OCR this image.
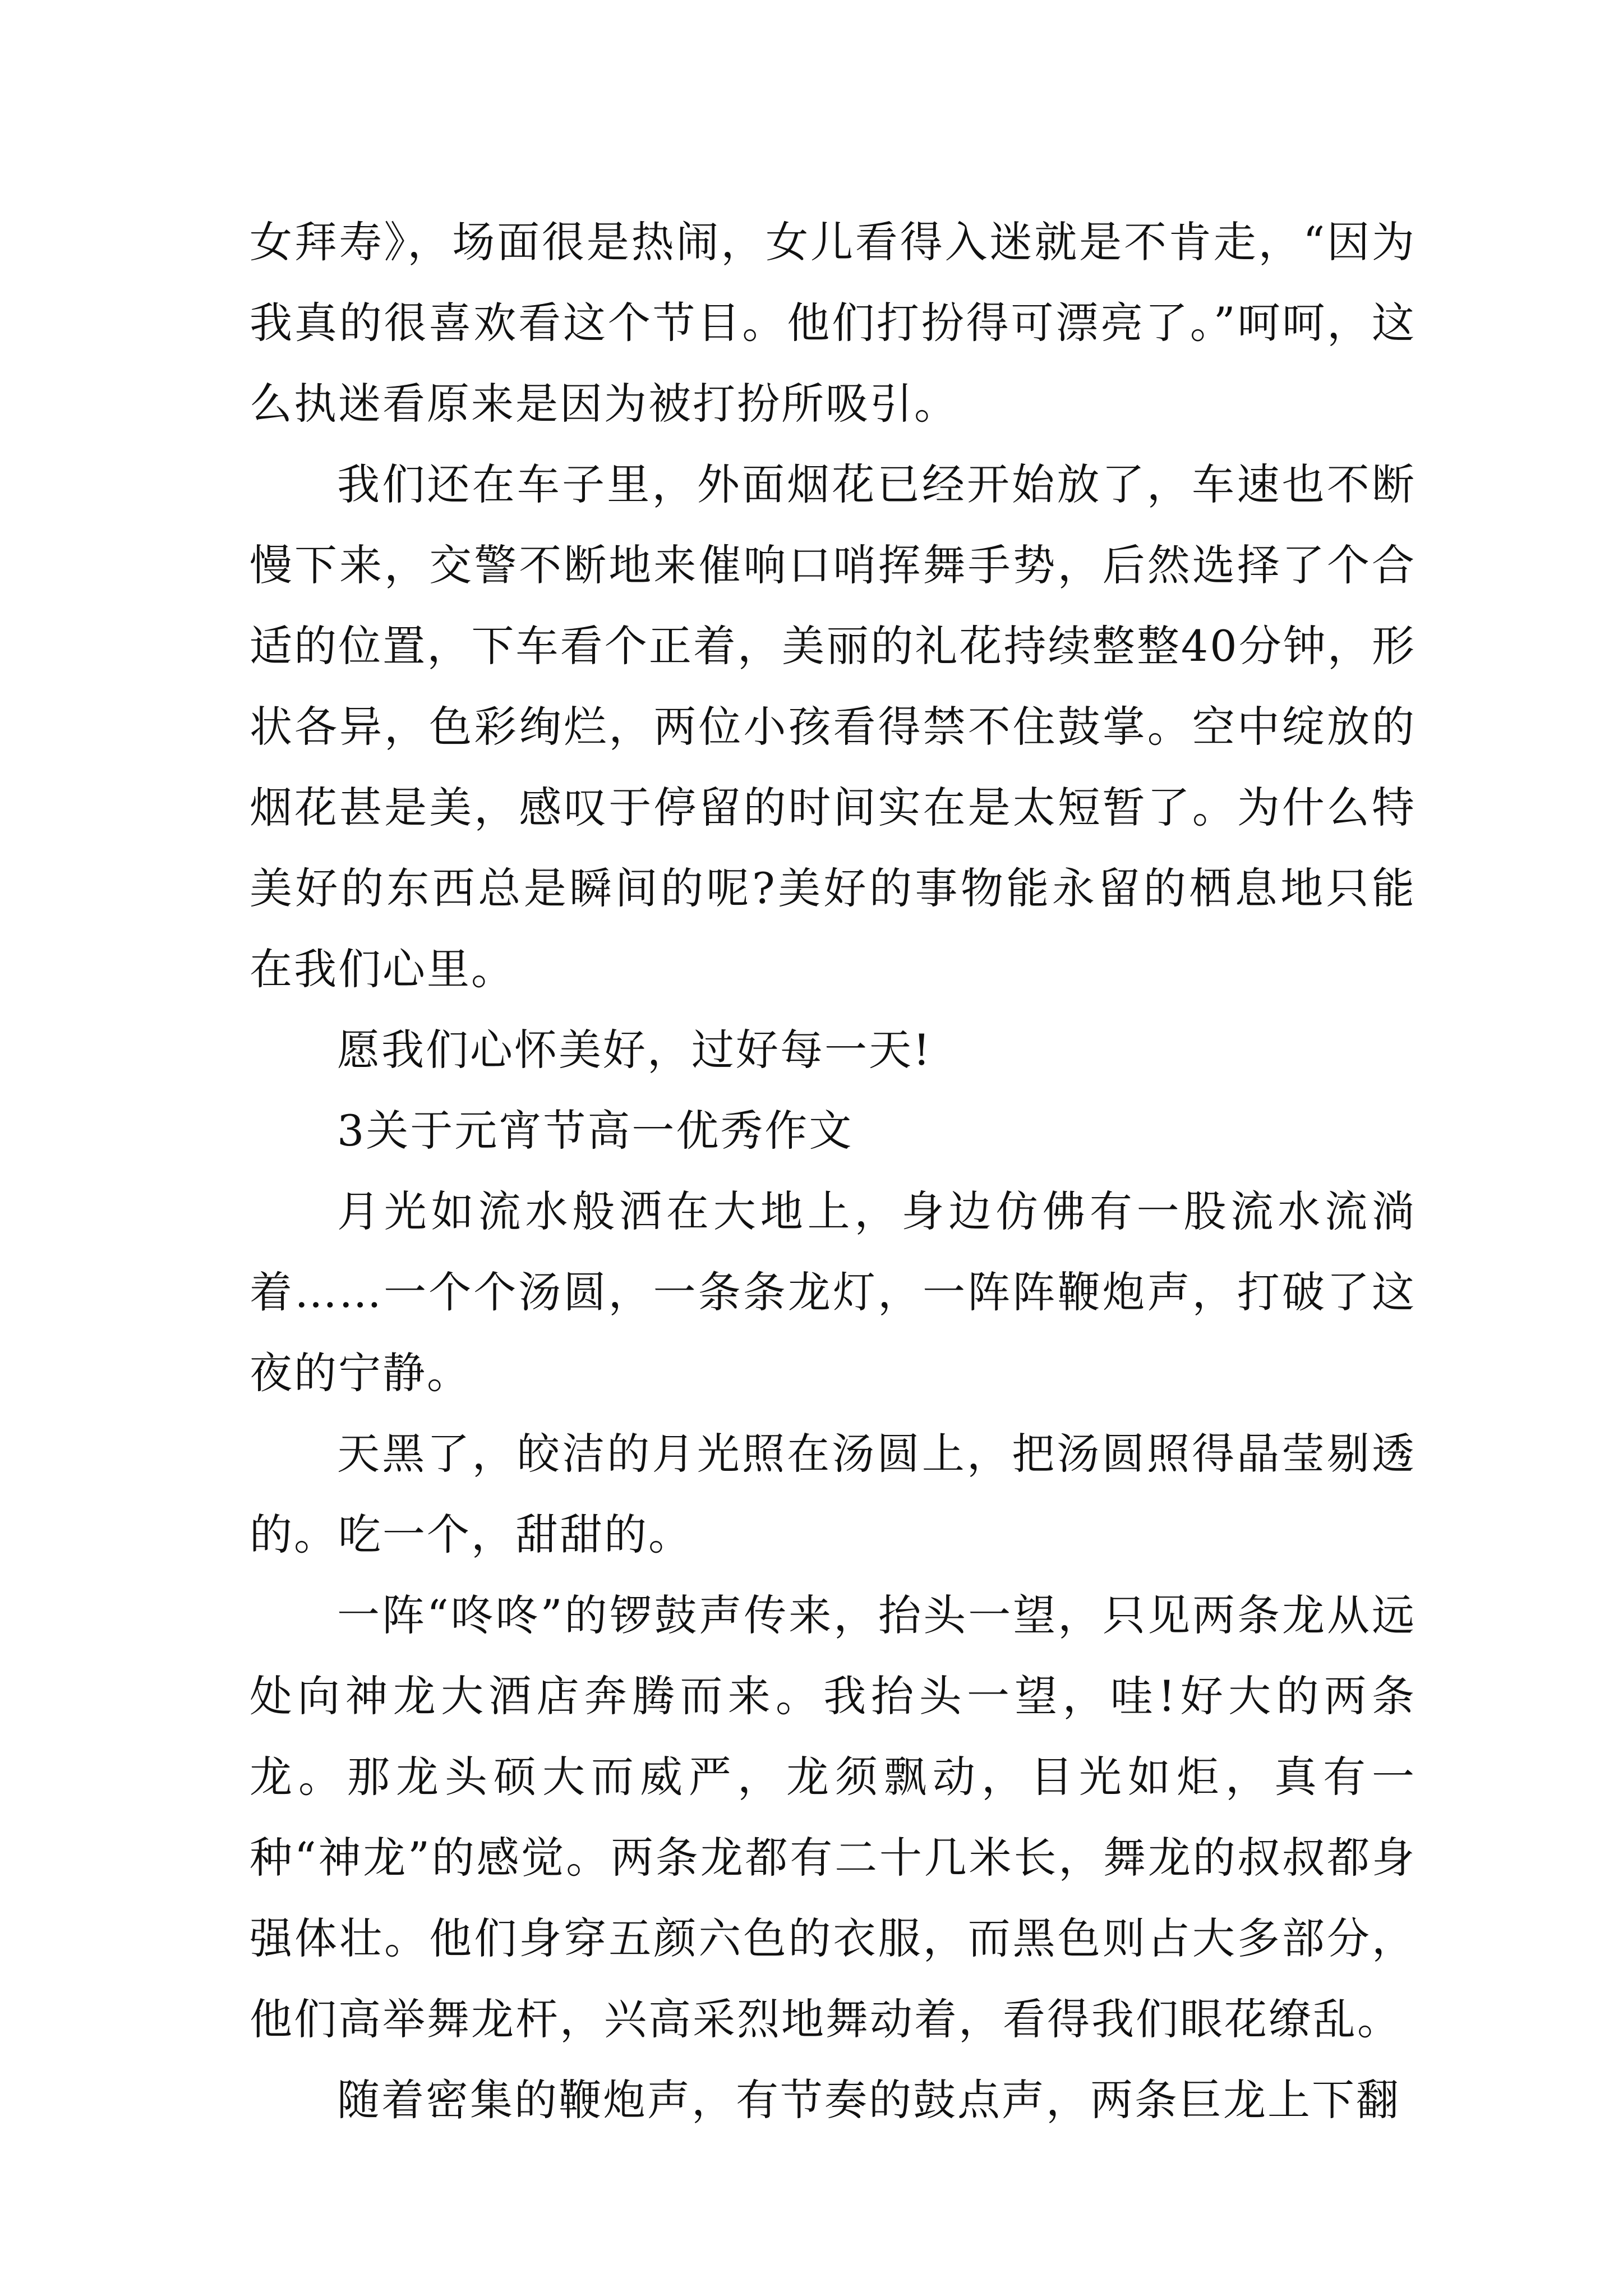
女拜寿》，场面很是热闹，女儿看得入迷就是不肯走，“因为我真的很喜欢看这个节目。他们打扮得可漂亮了。”呵呵，这么执迷看原来是因为被打扮所吸引。

我们还在车子里，外面烟花已经开始放了，车速也不断慢下来，交警不断地来催响口哨挥舞手势，后然选择了个合适的位置，下车看个正着，美丽的礼花持续整整40分钟，形状各异，色彩绚烂，两位小孩看得禁不住鼓掌。空中绽放的烟花甚是美，感叹于停留的时间实在是太短暂了。为什么特美好的东西总是瞬间的呢?美好的事物能永留的栖息地只能在我们心里。

愿我们心怀美好，过好每一天!

3关于元宵节高一优秀作文

月光如流水般洒在大地上，身边仿佛有一股流水流淌着……一个个汤圆，一条条龙灯，一阵阵鞭炮声，打破了这夜的宁静。

天黑了，皎洁的月光照在汤圆上，把汤圆照得晶莹剔透的。吃一个，甜甜的。

一阵“咚咚”的锣鼓声传来，抬头一望，只见两条龙从远处向神龙大酒店奔腾而来。我抬头一望，哇!好大的两条龙。那龙头硕大而威严，龙须飘动，目光如炬，真有一种“神龙”的感觉。两条龙都有二十几米长，舞龙的叔叔都身强体壮。他们身穿五颜六色的衣服，而黑色则占大多部分，他们高举舞龙杆，兴高采烈地舞动着，看得我们眼花缭乱。

随着密集的鞭炮声，有节奏的鼓点声，两条巨龙上下翻
